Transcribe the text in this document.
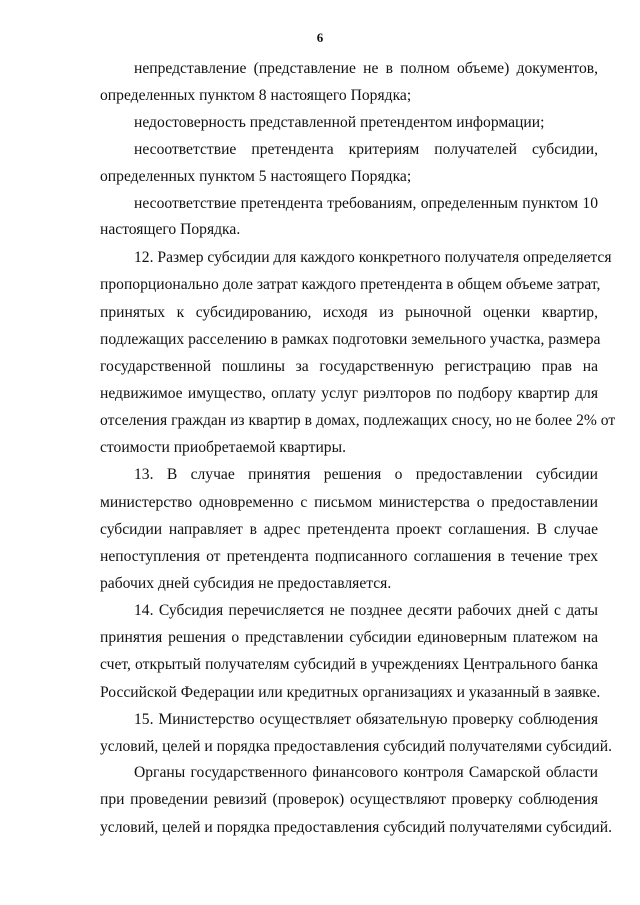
6
непредставление (представление не в полном объеме) документов,
определенных пунктом 8 настоящего Порядка;
недостоверность представленной претендентом информации;
несоответствие претендента критериям получателей субсидии,
определенных пунктом 5 настоящего Порядка;
несоответствие претендента требованиям, определенным пунктом 10
настоящего Порядка.
12. Размер субсидии для каждого конкретного получателя определяется
пропорционально доле затрат каждого претендента в общем объеме затрат,
принятых к субсидированию, исходя из рыночной оценки квартир,
подлежащих расселению в рамках подготовки земельного участка, размера
государственной пошлины за государственную регистрацию прав на
недвижимое имущество, оплату услуг риэлторов по подбору квартир для
отселения граждан из квартир в домах, подлежащих сносу, но не более 2% от
стоимости приобретаемой квартиры.
13. В случае принятия решения о предоставлении субсидии
министерство одновременно с письмом министерства о предоставлении
субсидии направляет в адрес претендента проект соглашения. В случае
непоступления от претендента подписанного соглашения в течение трех
рабочих дней субсидия не предоставляется.
14. Субсидия перечисляется не позднее десяти рабочих дней с даты
принятия решения о представлении субсидии единоверным платежом на
счет, открытый получателям субсидий в учреждениях Центрального банка
Российской Федерации или кредитных организациях и указанный в заявке.
15. Министерство осуществляет обязательную проверку соблюдения
условий, целей и порядка предоставления субсидий получателями субсидий.
Органы государственного финансового контроля Самарской области
при проведении ревизий (проверок) осуществляют проверку соблюдения
условий, целей и порядка предоставления субсидий получателями субсидий.
